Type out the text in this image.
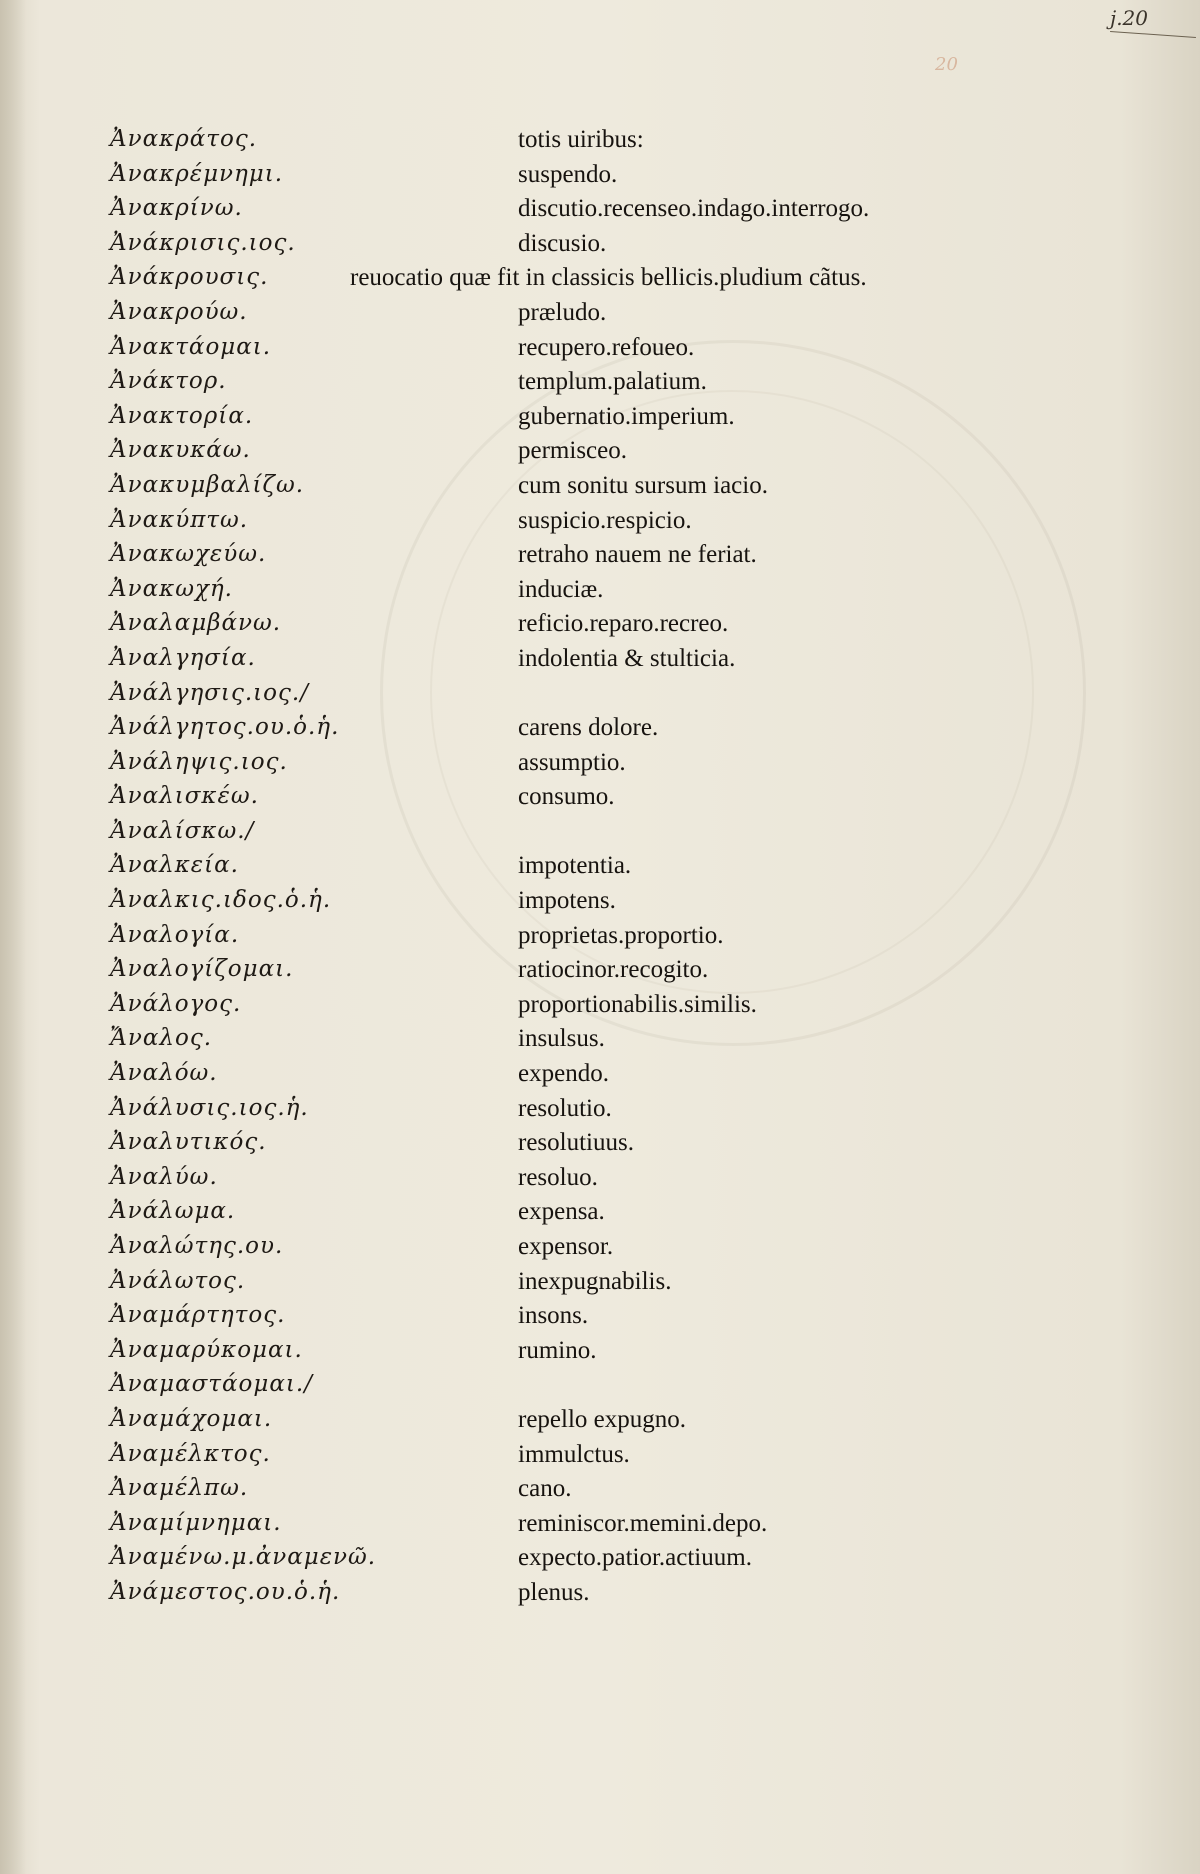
j.20
20
Ἀνακράτος.	totis uiribus:
Ἀνακρέμνημι.	suspendo.
Ἀνακρίνω.	discutio.recenseo.indago.interrogo.
Ἀνάκρισις.ιος.	discusio.
Ἀνάκρουσις.	reuocatio quæ fit in classicis bellicis.pludium cãtus.
Ἀνακρούω.	præludo.
Ἀνακτάομαι.	recupero.refoueo.
Ἀνάκτορ.	templum.palatium.
Ἀνακτορία.	gubernatio.imperium.
Ἀνακυκάω.	permisceo.
Ἀνακυμβαλίζω.	cum sonitu sursum iacio.
Ἀνακύπτω.	suspicio.respicio.
Ἀνακωχεύω.	retraho nauem ne feriat.
Ἀνακωχή.	induciæ.
Ἀναλαμβάνω.	reficio.reparo.recreo.
Ἀναλγησία.	indolentia & stulticia.
Ἀνάλγησις.ιος./
Ἀνάλγητος.ου.ὁ.ἡ.	carens dolore.
Ἀνάληψις.ιος.	assumptio.
Ἀναλισκέω.	consumo.
Ἀναλίσκω./
Ἀναλκεία.	impotentia.
Ἀναλκις.ιδος.ὁ.ἡ.	impotens.
Ἀναλογία.	proprietas.proportio.
Ἀναλογίζομαι.	ratiocinor.recogito.
Ἀνάλογος.	proportionabilis.similis.
Ἄναλος.	insulsus.
Ἀναλόω.	expendo.
Ἀνάλυσις.ιος.ἡ.	resolutio.
Ἀναλυτικός.	resolutiuus.
Ἀναλύω.	resoluo.
Ἀνάλωμα.	expensa.
Ἀναλώτης.ου.	expensor.
Ἀνάλωτος.	inexpugnabilis.
Ἀναμάρτητος.	insons.
Ἀναμαρύκομαι.	rumino.
Ἀναμαστάομαι./
Ἀναμάχομαι.	repello expugno.
Ἀναμέλκτος.	immulctus.
Ἀναμέλπω.	cano.
Ἀναμίμνημαι.	reminiscor.memini.depo.
Ἀναμένω.μ.ἀναμενῶ.	expecto.patior.actiuum.
Ἀνάμεστος.ου.ὁ.ἡ.	plenus.
